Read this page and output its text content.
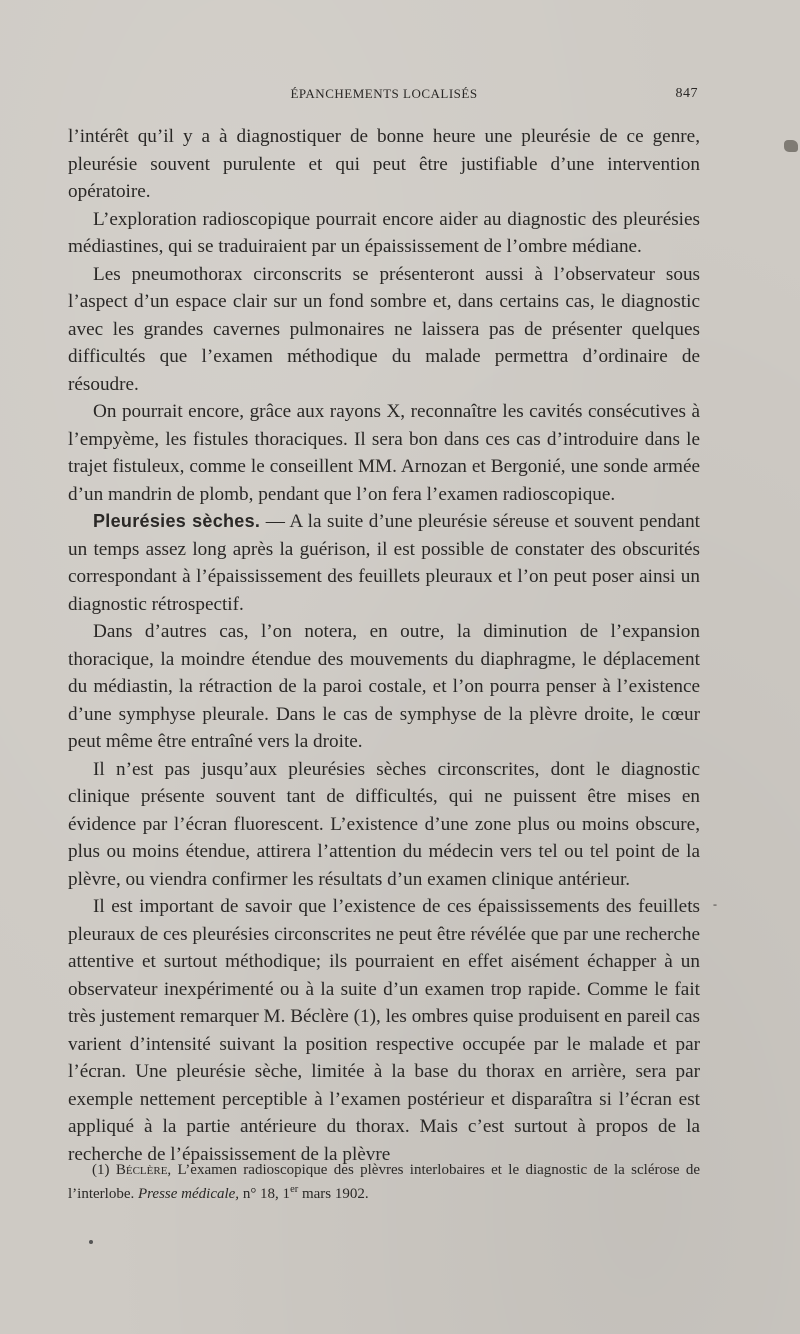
-
ÉPANCHEMENTS LOCALISÉS	847

l’intérêt qu’il y a à diagnostiquer de bonne heure une pleurésie de ce genre, pleurésie souvent purulente et qui peut être justifiable d’une intervention opératoire.

L’exploration radioscopique pourrait encore aider au diagnostic des pleurésies médiastines, qui se traduiraient par un épaississement de l’ombre médiane.

Les pneumothorax circonscrits se présenteront aussi à l’observateur sous l’aspect d’un espace clair sur un fond sombre et, dans certains cas, le diagnostic avec les grandes cavernes pulmonaires ne laissera pas de présenter quelques difficultés que l’examen méthodique du malade permettra d’ordinaire de résoudre.

On pourrait encore, grâce aux rayons X, reconnaître les cavités consécutives à l’empyème, les fistules thoraciques. Il sera bon dans ces cas d’introduire dans le trajet fistuleux, comme le conseillent MM. Arnozan et Bergonié, une sonde armée d’un mandrin de plomb, pendant que l’on fera l’examen radioscopique.

Pleurésies sèches. — A la suite d’une pleurésie séreuse et souvent pendant un temps assez long après la guérison, il est possible de constater des obscurités correspondant à l’épaississement des feuillets pleuraux et l’on peut poser ainsi un diagnostic rétrospectif.

Dans d’autres cas, l’on notera, en outre, la diminution de l’expansion thoracique, la moindre étendue des mouvements du diaphragme, le déplacement du médiastin, la rétraction de la paroi costale, et l’on pourra penser à l’existence d’une symphyse pleurale. Dans le cas de symphyse de la plèvre droite, le cœur peut même être entraîné vers la droite.

Il n’est pas jusqu’aux pleurésies sèches circonscrites, dont le diagnostic clinique présente souvent tant de difficultés, qui ne puissent être mises en évidence par l’écran fluorescent. L’existence d’une zone plus ou moins obscure, plus ou moins étendue, attirera l’attention du médecin vers tel ou tel point de la plèvre, ou viendra confirmer les résultats d’un examen clinique antérieur.

Il est important de savoir que l’existence de ces épaississements des feuillets pleuraux de ces pleurésies circonscrites ne peut être révélée que par une recherche attentive et surtout méthodique; ils pourraient en effet aisément échapper à un observateur inexpérimenté ou à la suite d’un examen trop rapide. Comme le fait très justement remarquer M. Béclère (1), les ombres quise produisent en pareil cas varient d’intensité suivant la position respective occupée par le malade et par l’écran. Une pleurésie sèche, limitée à la base du thorax en arrière, sera par exemple nettement perceptible à l’examen postérieur et disparaîtra si l’écran est appliqué à la partie antérieure du thorax. Mais c’est surtout à propos de la recherche de l’épaississement de la plèvre

(1) Béclère, L’examen radioscopique des plèvres interlobaires et le diagnostic de la sclérose de l’interlobe. Presse médicale, n° 18, 1er mars 1902.
